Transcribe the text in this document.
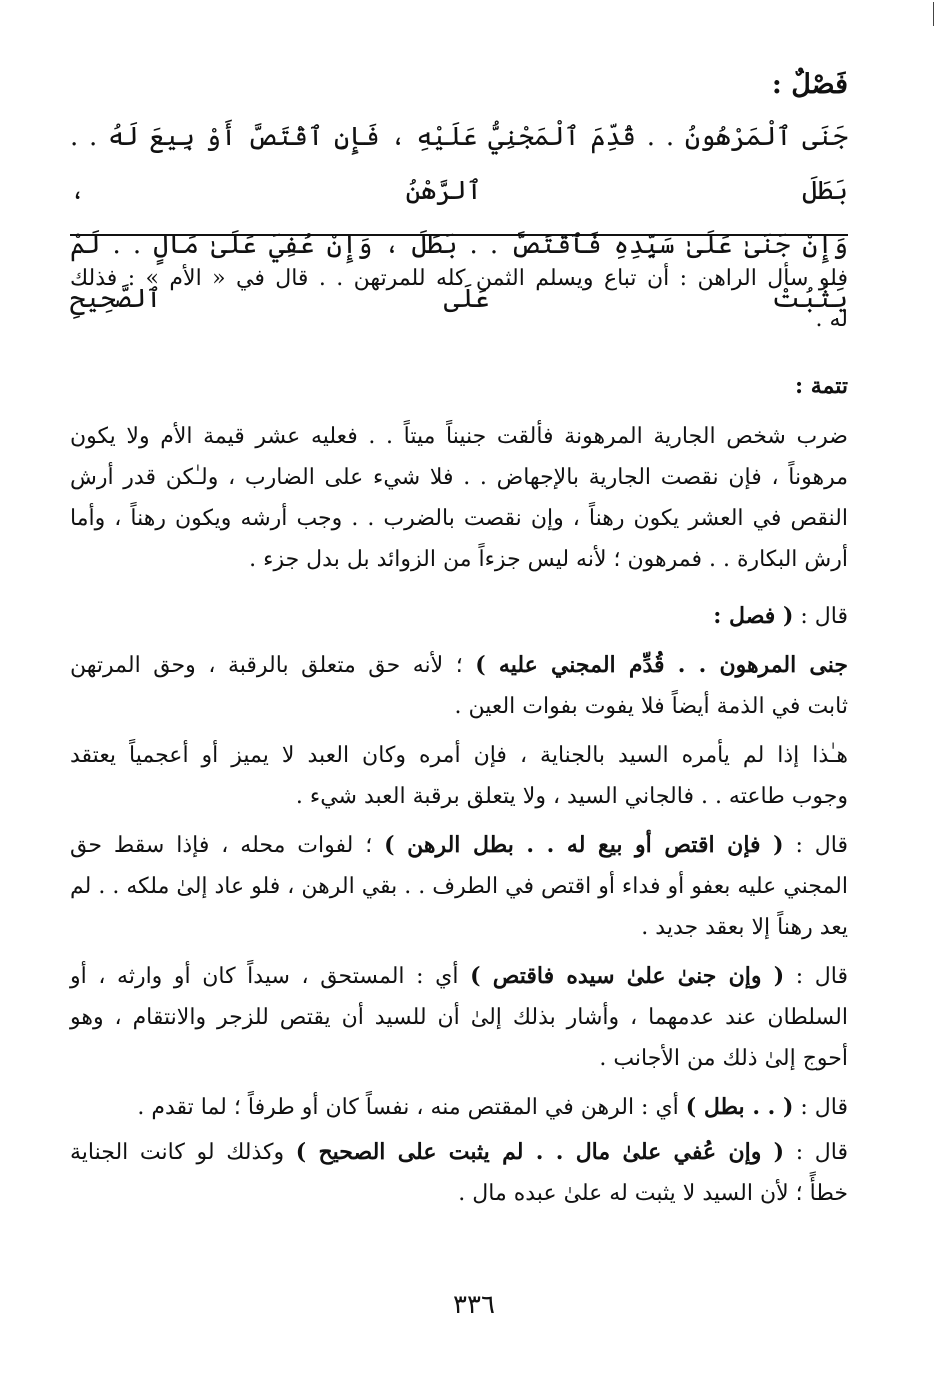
فَصْلٌ :

جَنَى ٱلْمَرْهُونُ . . قُدِّمَ ٱلْمَجْنِيُّ عَلَيْهِ ، فَإِنِ ٱقْتَصَّ أَوْ بِيعَ لَهُ . . بَطَلَ ٱلرَّهْنُ ،
وَإِنْ جَنَىٰ عَلَىٰ سَيِّدِهِ فَٱقْتَصَّ . . بَطَلَ ، وَإِنْ عُفِيَ عَلَىٰ مَالٍ . . لَمْ يَثْبُتْ عَلَى ٱلصَّحِيحِ

فلو سأل الراهن : أن تباع ويسلم الثمن كله للمرتهن . . قال في « الأم » : فذلك
له .

تتمة :

ضرب شخص الجارية المرهونة فألقت جنيناً ميتاً . . فعليه عشر قيمة الأم ولا يكون
مرهوناً ، فإن نقصت الجارية بالإجهاض . . فلا شيء على الضارب ، ولـٰكن قدر أرش
النقص في العشر يكون رهناً ، وإن نقصت بالضرب . . وجب أرشه ويكون رهناً ، وأما
أرش البكارة . . فمرهون ؛ لأنه ليس جزءاً من الزوائد بل بدل جزء .

قال : ( فصل :

جنى المرهون . . قُدِّم المجني عليه ) ؛ لأنه حق متعلق بالرقبة ، وحق المرتهن
ثابت في الذمة أيضاً فلا يفوت بفوات العين .

هـٰذا إذا لم يأمره السيد بالجناية ، فإن أمره وكان العبد لا يميز أو أعجمياً يعتقد
وجوب طاعته . . فالجاني السيد ، ولا يتعلق برقبة العبد شيء .

قال : ( فإن اقتص أو بيع له . . بطل الرهن ) ؛ لفوات محله ، فإذا سقط حق
المجني عليه بعفو أو فداء أو اقتص في الطرف . . بقي الرهن ، فلو عاد إلىٰ ملكه . . لم
يعد رهناً إلا بعقد جديد .

قال : ( وإن جنىٰ علىٰ سيده فاقتص ) أي : المستحق ، سيداً كان أو وارثه ، أو
السلطان عند عدمهما ، وأشار بذلك إلىٰ أن للسيد أن يقتص للزجر والانتقام ، وهو
أحوج إلىٰ ذلك من الأجانب .

قال : ( . . بطل ) أي : الرهن في المقتص منه ، نفساً كان أو طرفاً ؛ لما تقدم .

قال : ( وإن عُفي علىٰ مال . . لم يثبت على الصحيح ) وكذلك لو كانت الجناية
خطأً ؛ لأن السيد لا يثبت له علىٰ عبده مال .

٣٣٦
